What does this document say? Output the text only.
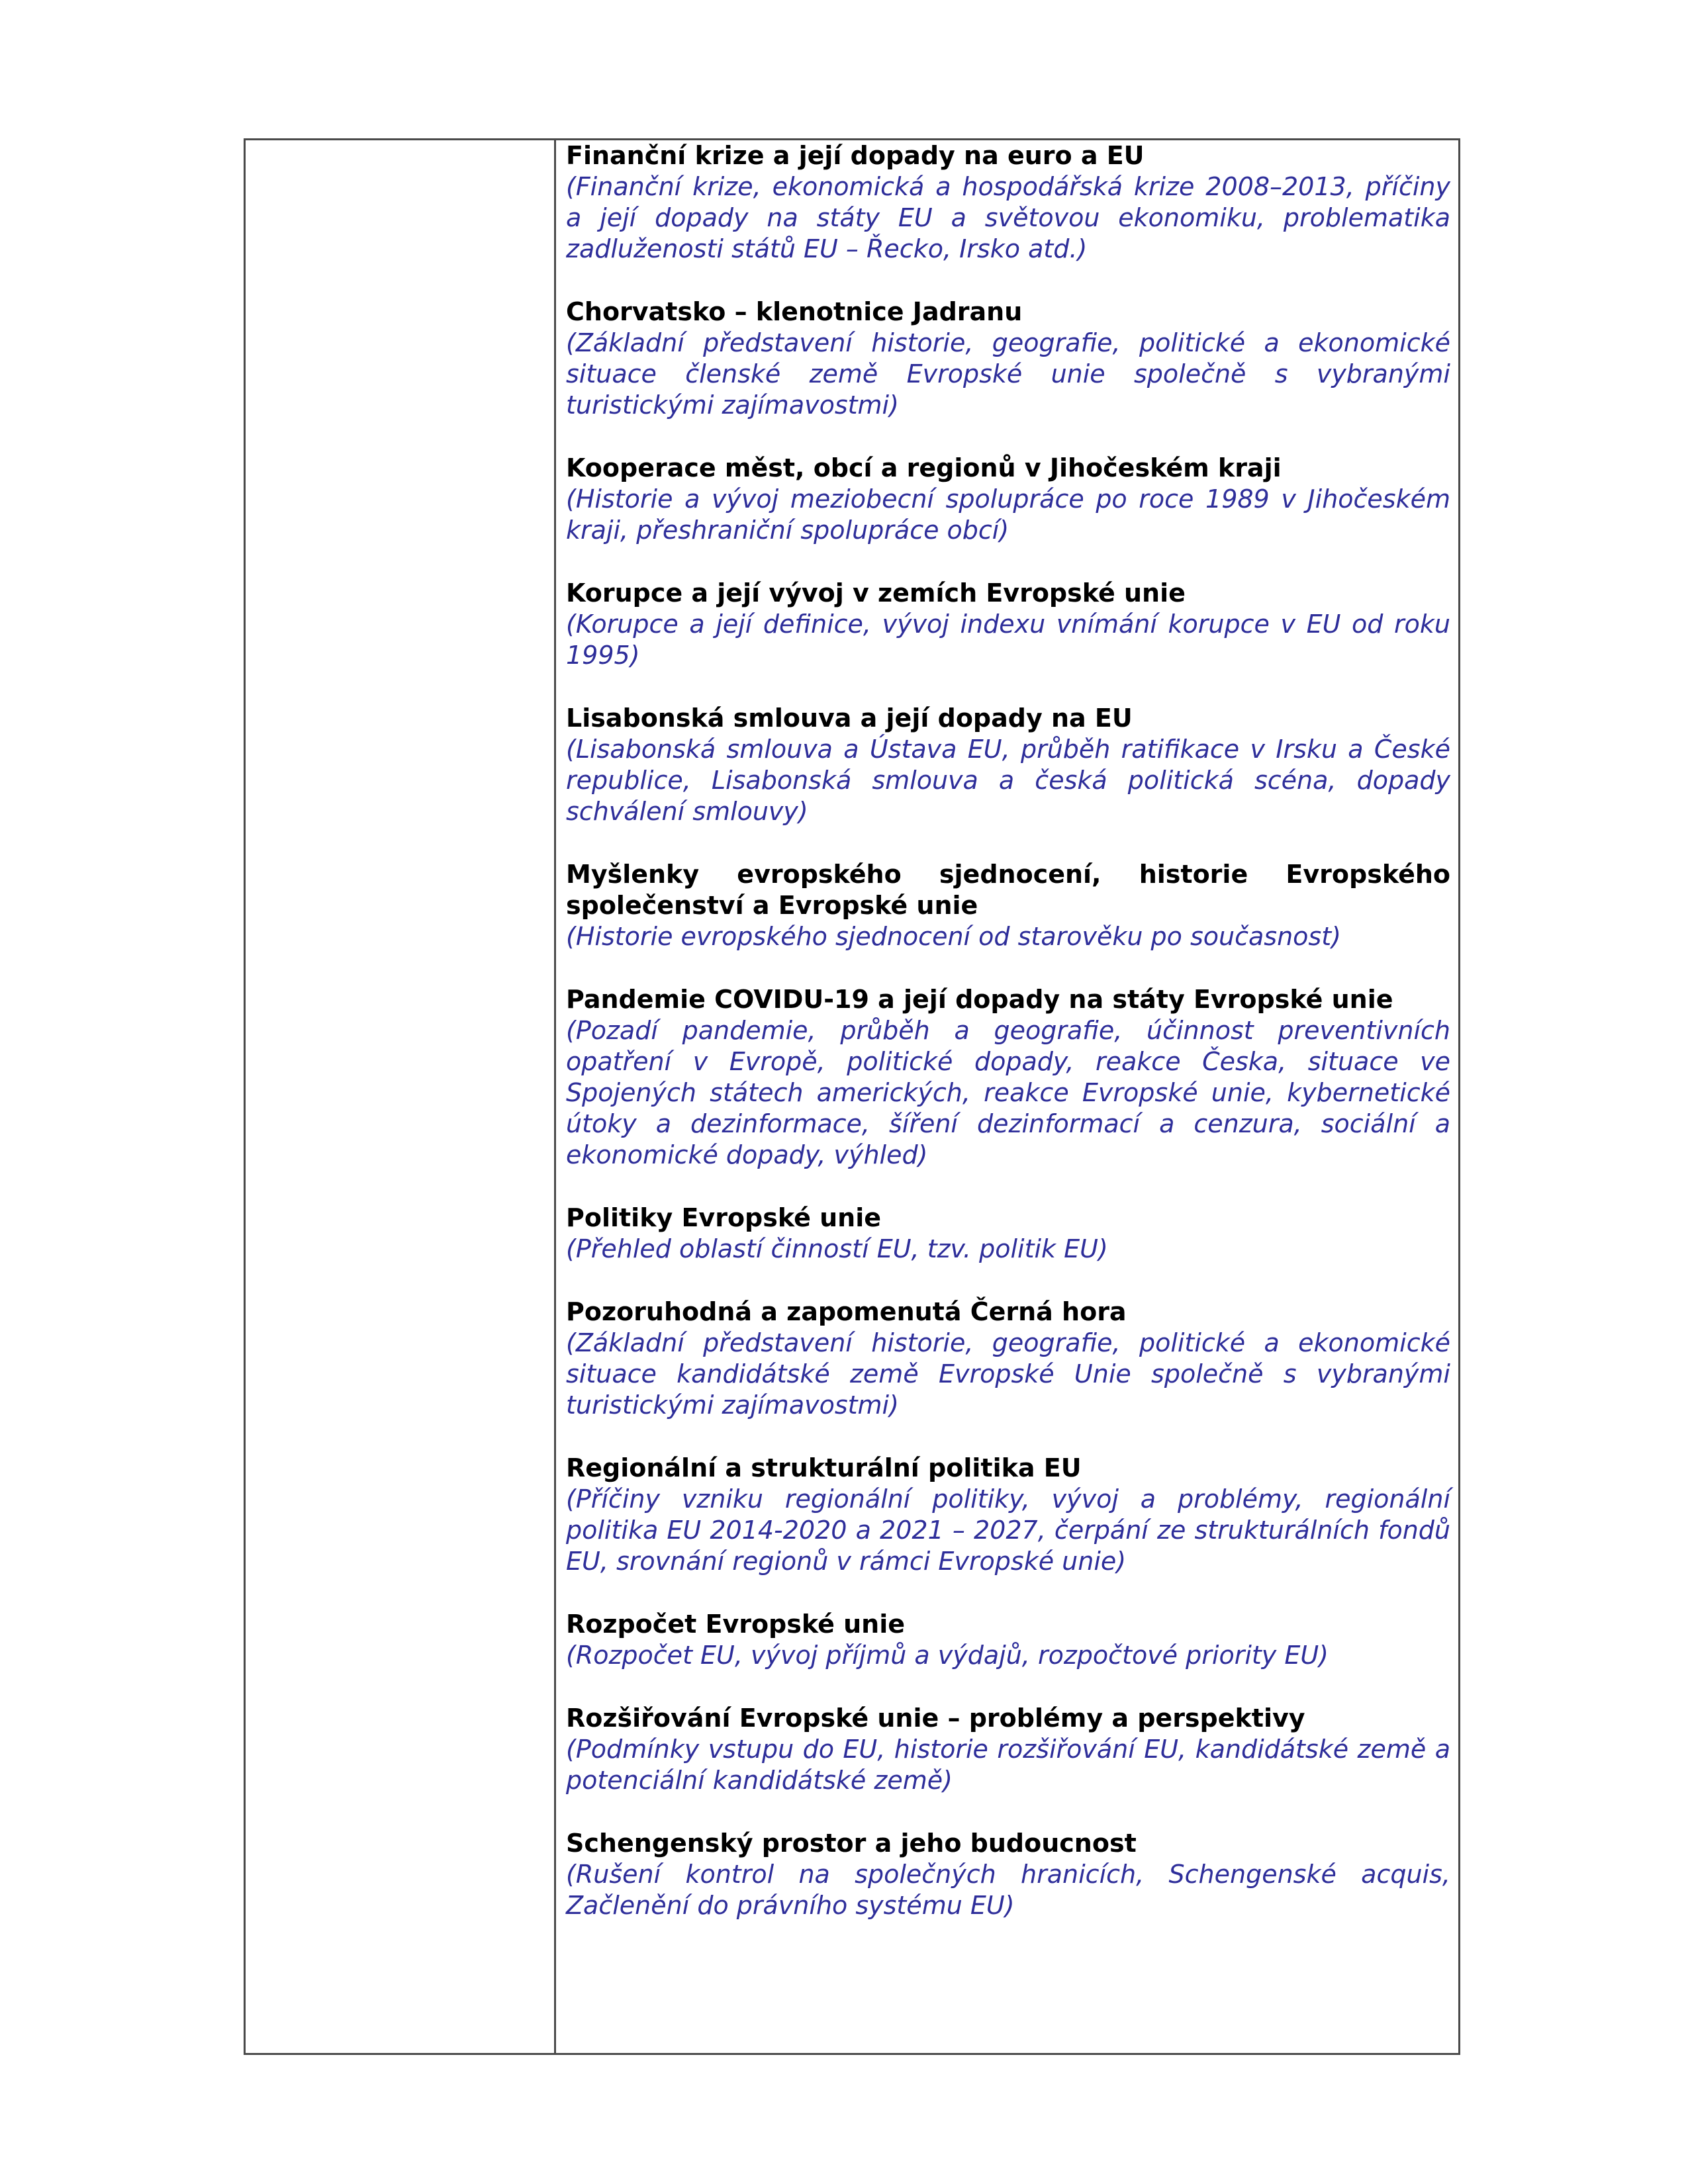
Finanční krize a její dopady na euro a EU

(Finanční krize, ekonomická a hospodářská krize 2008–2013, příčiny a její dopady na státy EU a světovou ekonomiku, problematika zadluženosti států EU – Řecko, Irsko atd.)

Chorvatsko – klenotnice Jadranu

(Základní představení historie, geografie, politické a ekonomické situace členské země Evropské unie společně s vybranými turistickými zajímavostmi)

Kooperace měst, obcí a regionů v Jihočeském kraji

(Historie a vývoj meziobecní spolupráce po roce 1989 v Jihočeském kraji, přeshraniční spolupráce obcí)

Korupce a její vývoj v zemích Evropské unie

(Korupce a její definice, vývoj indexu vnímání korupce v EU od roku 1995)

Lisabonská smlouva a její dopady na EU

(Lisabonská smlouva a Ústava EU, průběh ratifikace v Irsku a České republice, Lisabonská smlouva a česká politická scéna, dopady schválení smlouvy)

Myšlenky evropského sjednocení, historie Evropského společenství a Evropské unie

(Historie evropského sjednocení od starověku po současnost)

Pandemie COVIDU-19 a její dopady na státy Evropské unie

(Pozadí pandemie, průběh a geografie, účinnost preventivních opatření v Evropě, politické dopady, reakce Česka, situace ve Spojených státech amerických, reakce Evropské unie, kybernetické útoky a dezinformace, šíření dezinformací a cenzura, sociální a ekonomické dopady, výhled)

Politiky Evropské unie

(Přehled oblastí činností EU, tzv. politik EU)

Pozoruhodná a zapomenutá Černá hora

(Základní představení historie, geografie, politické a ekonomické situace kandidátské země Evropské Unie společně s vybranými turistickými zajímavostmi)

Regionální a strukturální politika EU

(Příčiny vzniku regionální politiky, vývoj a problémy, regionální politika EU 2014-2020 a 2021 – 2027, čerpání ze strukturálních fondů EU, srovnání regionů v rámci Evropské unie)

Rozpočet Evropské unie

(Rozpočet EU, vývoj příjmů a výdajů, rozpočtové priority EU)

Rozšiřování Evropské unie – problémy a perspektivy

(Podmínky vstupu do EU, historie rozšiřování EU, kandidátské země a potenciální kandidátské země)

Schengenský prostor a jeho budoucnost

(Rušení kontrol na společných hranicích, Schengenské acquis, Začlenění do právního systému EU)
